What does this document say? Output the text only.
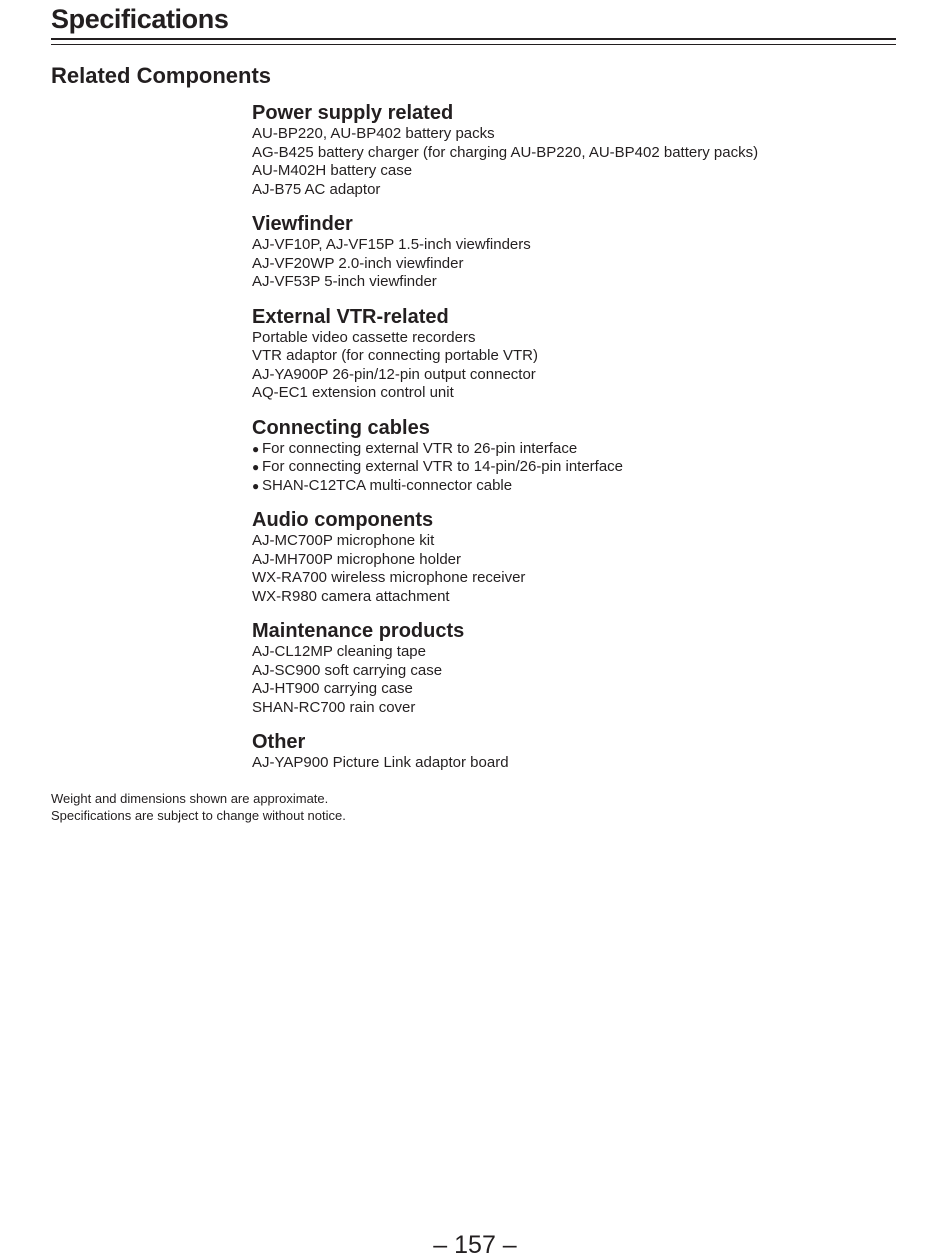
Specifications
Related Components
Power supply related
AU-BP220, AU-BP402 battery packs
AG-B425 battery charger (for charging AU-BP220, AU-BP402 battery packs)
AU-M402H battery case
AJ-B75 AC adaptor
Viewfinder
AJ-VF10P, AJ-VF15P 1.5-inch viewfinders
AJ-VF20WP 2.0-inch viewfinder
AJ-VF53P 5-inch viewfinder
External VTR-related
Portable video cassette recorders
VTR adaptor (for connecting portable VTR)
AJ-YA900P 26-pin/12-pin output connector
AQ-EC1 extension control unit
Connecting cables
● For connecting external VTR to 26-pin interface
● For connecting external VTR to 14-pin/26-pin interface
● SHAN-C12TCA multi-connector cable
Audio components
AJ-MC700P microphone kit
AJ-MH700P microphone holder
WX-RA700 wireless microphone receiver
WX-R980 camera attachment
Maintenance products
AJ-CL12MP cleaning tape
AJ-SC900 soft carrying case
AJ-HT900 carrying case
SHAN-RC700 rain cover
Other
AJ-YAP900 Picture Link adaptor board

Weight and dimensions shown are approximate.

Specifications are subject to change without notice.

– 157 –
